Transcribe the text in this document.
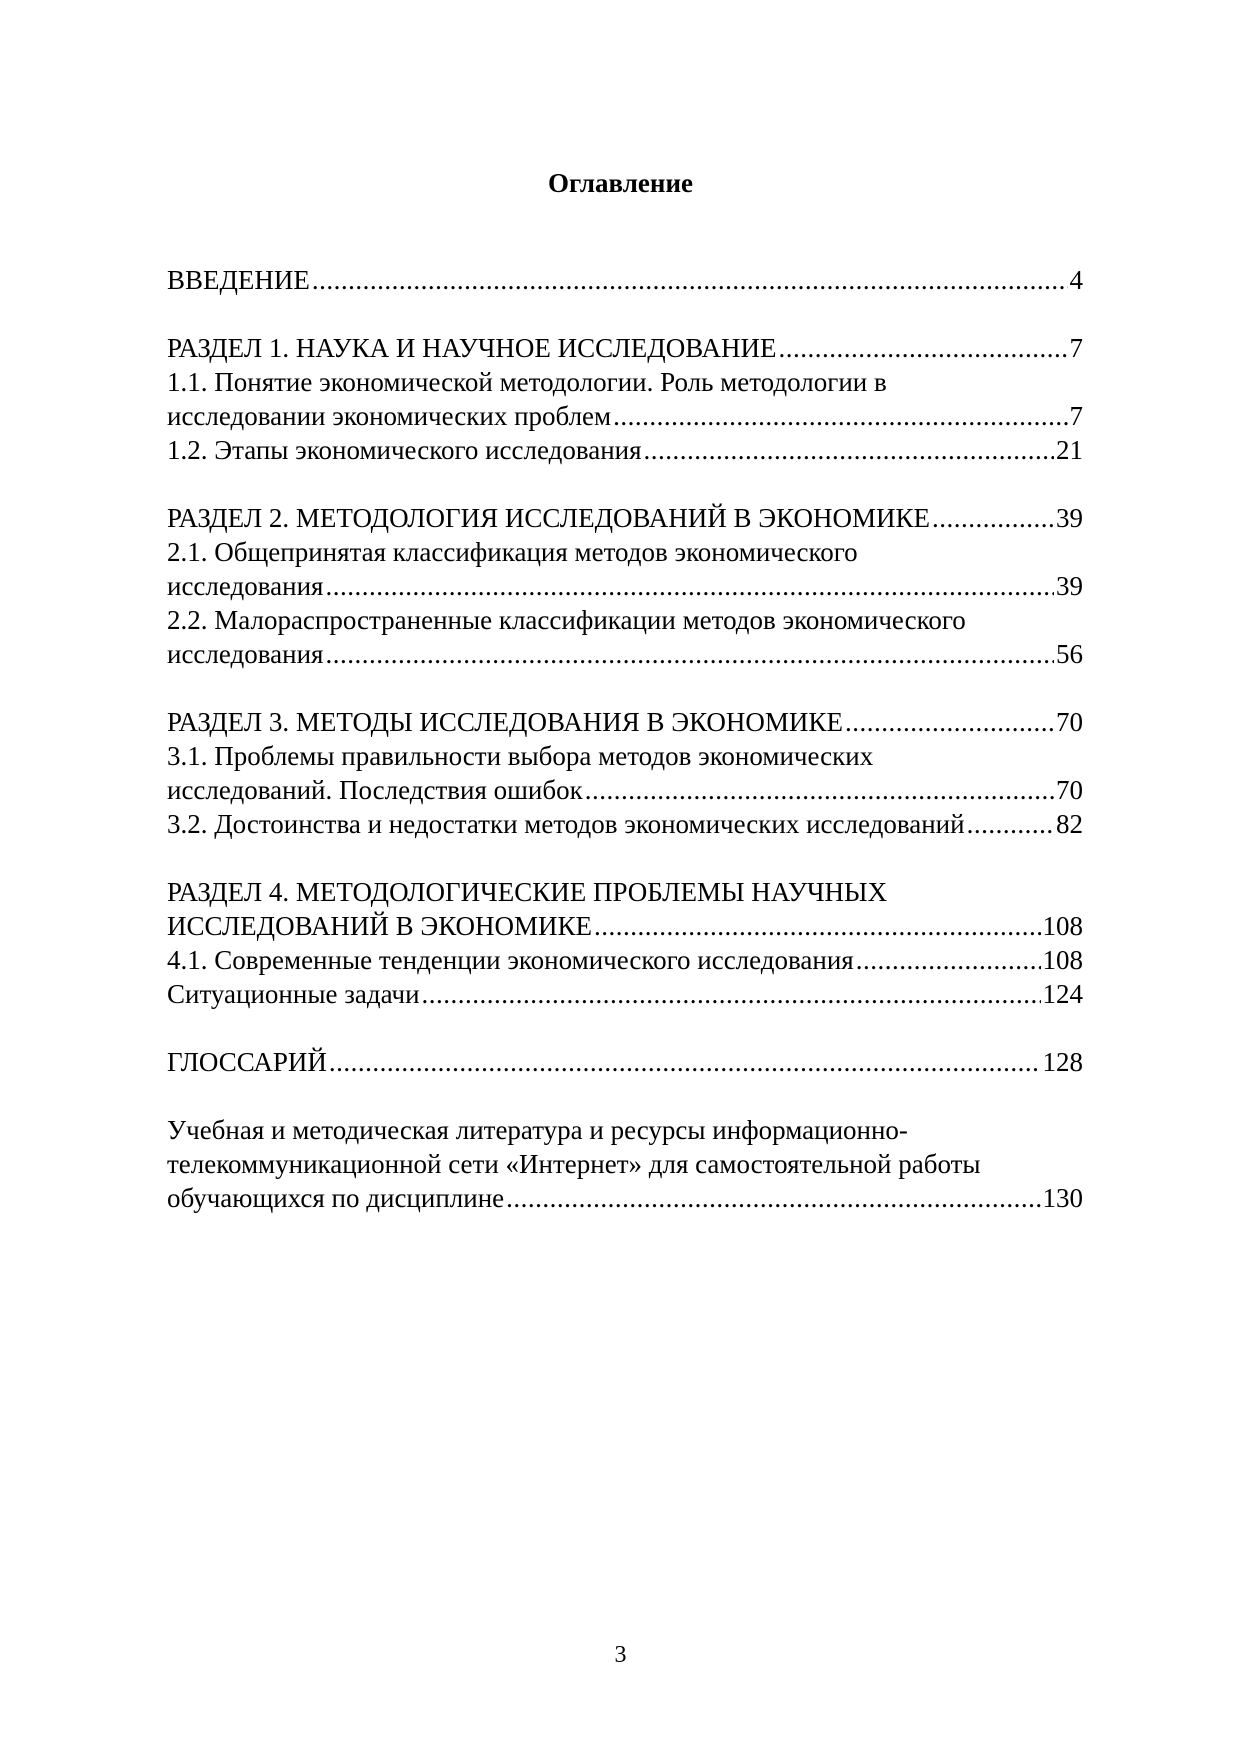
Оглавление
ВВЕДЕНИЕ .....	4
РАЗДЕЛ 1. НАУКА И НАУЧНОЕ ИССЛЕДОВАНИЕ .....	7
1.1. Понятие экономической методологии. Роль методологии в
исследовании экономических проблем .....	7
1.2. Этапы экономического исследования .....	21
РАЗДЕЛ 2. МЕТОДОЛОГИЯ ИССЛЕДОВАНИЙ В ЭКОНОМИКЕ .....	39
2.1. Общепринятая классификация методов экономического
исследования .....	39
2.2. Малораспространенные классификации методов экономического
исследования .....	56
РАЗДЕЛ 3. МЕТОДЫ ИССЛЕДОВАНИЯ В ЭКОНОМИКЕ .....	70
3.1. Проблемы правильности выбора методов экономических
исследований. Последствия ошибок .....	70
3.2. Достоинства и недостатки методов экономических исследований .....	82
РАЗДЕЛ 4. МЕТОДОЛОГИЧЕСКИЕ ПРОБЛЕМЫ НАУЧНЫХ
ИССЛЕДОВАНИЙ В ЭКОНОМИКЕ .....	108
4.1. Современные тенденции экономического исследования .....	108
Ситуационные задачи .....	124
ГЛОССАРИЙ .....	128
Учебная и методическая литература и ресурсы информационно-
телекоммуникационной сети «Интернет» для самостоятельной работы
обучающихся по дисциплине .....	130
3
